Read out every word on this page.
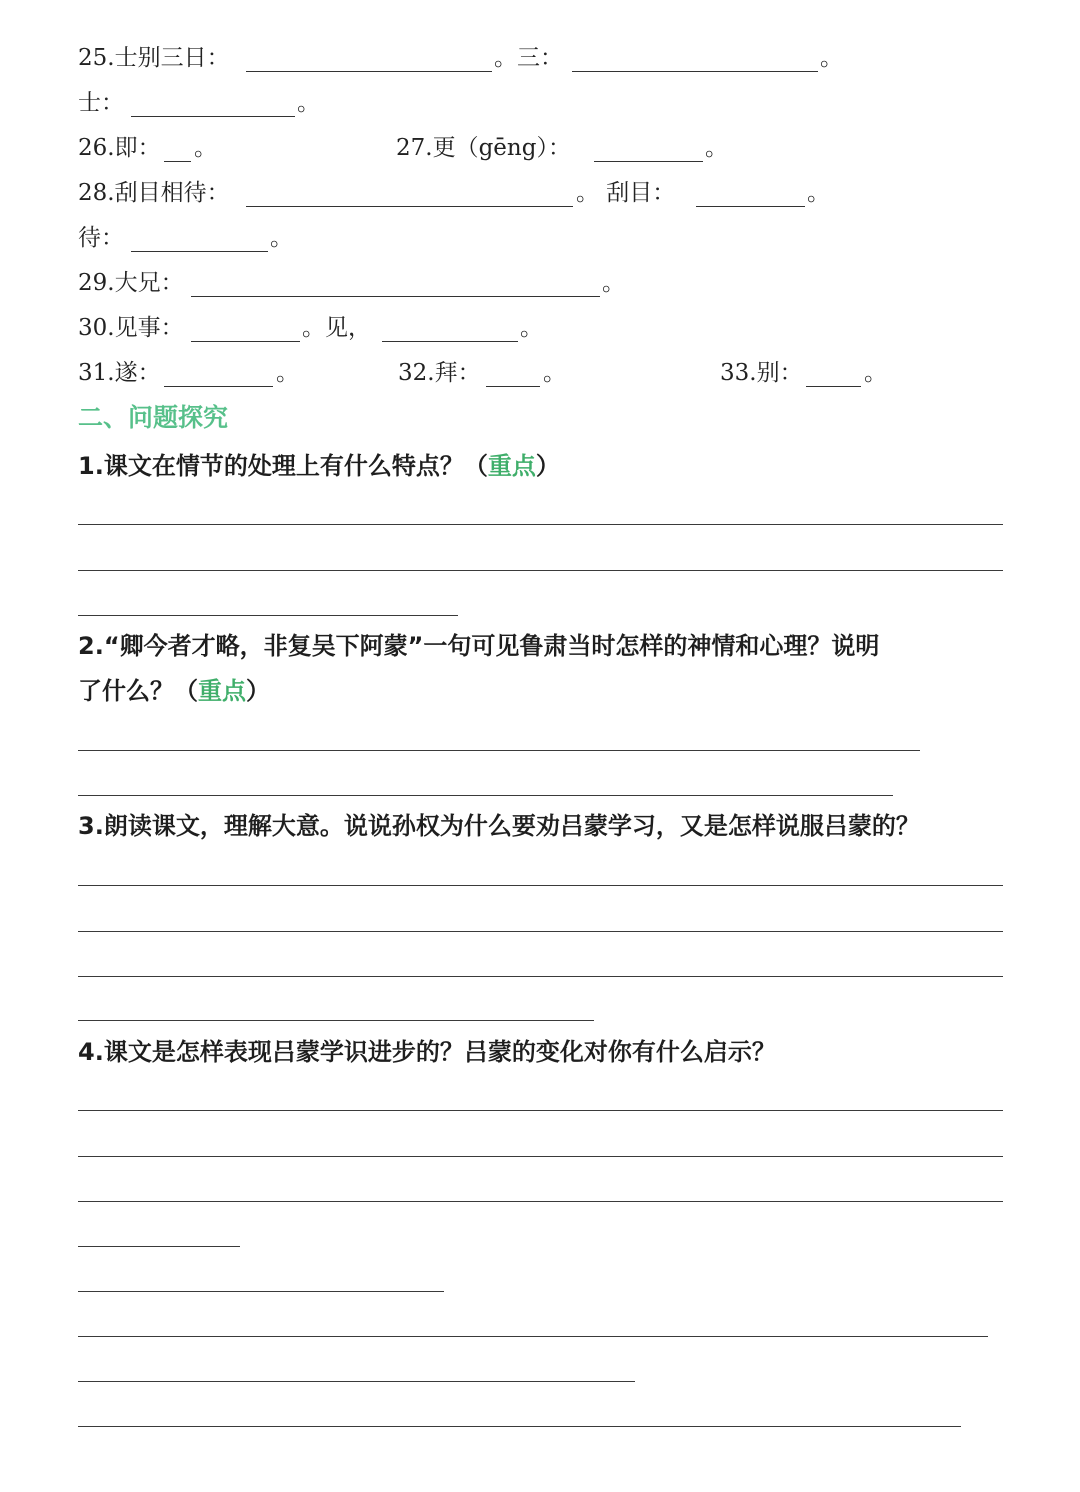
25.士别三日：	。三：	。
士：	。
26.即： 。	27.更（gēng）：	。
28.刮目相待：	。 刮目：	。
待：	。
29.大兄：	。
30.见事：	。见，	。
31.遂：	。	32.拜：	。	33.别：	。
二、问题探究
1.课文在情节的处理上有什么特点？（重点）
2.“卿今者才略，非复吴下阿蒙”一句可见鲁肃当时怎样的神情和心理？说明
了什么？（重点）
3.朗读课文，理解大意。说说孙权为什么要劝吕蒙学习，又是怎样说服吕蒙的？
4.课文是怎样表现吕蒙学识进步的？吕蒙的变化对你有什么启示？
